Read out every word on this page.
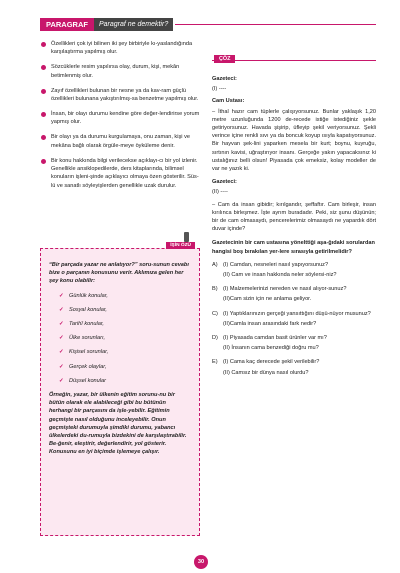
PARAGRAF	Paragraf ne demektir?
Özellikleri çok iyi bilinen iki şey birbiriyle kı-yaslandığında karşılaştırma yapılmış olur.
Sözcüklerle resim yapılırsa olay, durum, kişi, mekân betimlenmiş olur.
Zayıf özellikleri bulunan bir nesne ya da kav-ram güçlü özellikleri bulunana yakıştırılmış-sa benzetme yapılmış olur.
İnsan, bir olayı durumu kendine göre değer-lendirirse yorum yapmış olur.
Bir olayı ya da durumu kurgulamaya, onu zaman, kişi ve mekâna bağlı olarak örgüle-meye öyküleme denir.
Bir konu hakkında bilgi verilecekse açıklayı-cı bir yol izlenir. Genellikle ansiklopedilerde, ders kitaplarında, bilimsel konuların işleni-şinde açıklayıcı olmaya özen gösterilir. Süs-lü ve sanatlı söyleyişlerden genellikle uzak durulur.
İŞİN ÖZÜ
“Bir parçada yazar ne anlatıyor?” soru-sunun cevabı bize o parçanın konusunu verir. Aklımıza gelen her şey konu olabilir:
✓ Günlük konular,
✓ Sosyal konular,
✓ Tarihî konular,
✓ Ülke sorunları,
✓ Kişisel sorunlar,
✓ Gerçek olaylar,
✓ Düşsel konular
Örneğin, yazar, bir ülkenin eğitim sorunu-nu bir bütün olarak ele alabileceği gibi bu bütünün herhangi bir parçasını da işle-yebilir. Eğitimin geçmişte nasıl olduğunu inceleyebilir. Onun geçmişteki durumuyla şimdiki durumu, yabancı ülkelerdeki du-rumuyla bizdekini de karşılaştırabilir. Be-ğenir, eleştirir, değerlendirir, yol gösterir. Konusunu en iyi biçimde işlemeye çalışır.
ÇÖZ
Gazeteci:
(I) ----
Cam Ustası:
– İthal hazır cam tüplerle çalışıyorsunuz. Bunlar yaklaşık 1,20 metre uzunluğunda 1200 de-recede istiğe istediğiniz şekle getiriyorsunuz. Havada şişirip, üfleyip şekil veriyorsunuz. Şekli verince içine renkli sıvı ya da boncuk koyup ısıyla kapatıyorsunuz. Bir hayvan şek-lini yaparken meselа bir kurt; boynu, kuyruğu, sırtının kavisi, uğraştırıyor insanı. Gerçeğe yakın yapacaksınız ki ustalığınız belli olsun! Piyasada çok emeksiz, kolay modeller de var ne yazık ki.
Gazeteci:
(II) ----
– Cam da insan gibidir; kırılgandır, şeffaftır. Cam birleşir, insan kırılınca birleşmez. İşte ayrım buradadır. Peki, siz şunu düşünün; bir de cam olmasaydı, pencerelerimiz olmasaydı ne yapardık dört duvar içinde?
Gazetecinin bir cam ustasına yönelttiği aşa-ğıdaki sorulardan hangisi boş bırakılan yer-lere sırasıyla getirilmelidir?
A) (I) Camdan, nesneleri nasıl yapıyorsunuz?
(II) Cam ve insan hakkında neler söylersi-niz?
B) (I) Malzemelerinizi nereden ve nasıl alıyor-sunuz?
(II)Cam sizin için ne anlama geliyor.
C) (I) Yaptıklarınızın gerçeği yansıttığını düşü-nüyor musunuz?
(II)Camla insan arasındaki fark nedir?
D) (I) Piyasada camdan basit ürünler var mı?
(II) İnsanın cama benzediği doğru mu?
E) (I) Cama kaç derecede şekil verilebilir?
(II) Camsız bir dünya nasıl olurdu?
30
